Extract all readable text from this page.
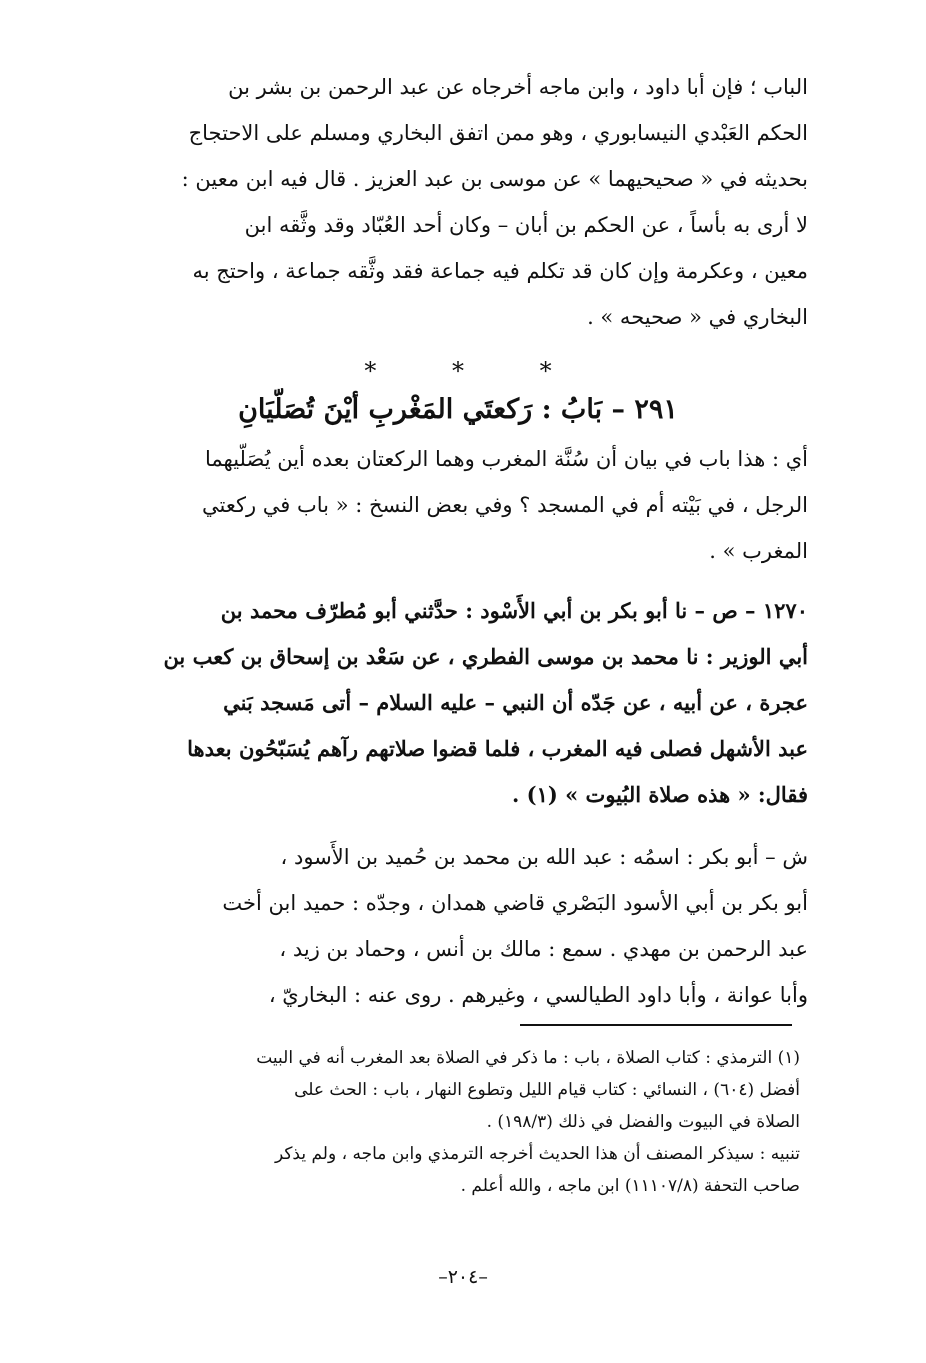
الباب ؛ فإن أبا داود ، وابن ماجه أخرجاه عن عبد الرحمن بن بشر بن
الحكم العَبْدي النيسابوري ، وهو ممن اتفق البخاري ومسلم على الاحتجاج
بحديثه في « صحيحيهما » عن موسى بن عبد العزيز . قال فيه ابن معين :
لا أرى به بأساً ، عن الحكم بن أبان – وكان أحد العُبّاد وقد وثَّقه ابن
معين ، وعكرمة وإن كان قد تكلم فيه جماعة فقد وثَّقه جماعة ، واحتج به
البخاري في « صحيحه » .

* * *
٢٩١ – بَابُ : رَكعتَي المَغْربِ أيْنَ تُصَلّيَانِ

أي : هذا باب في بيان أن سُنَّة المغرب وهما الركعتان بعده أين يُصَلّيهما
الرجل ، في بَيْته أم في المسجد ؟ وفي بعض النسخ : « باب في ركعتي
المغرب » .

١٢٧٠ – ص – نا أبو بكر بن أبي الأَسْود : حدَّثني أبو مُطرّف محمد بن
أبي الوزير : نا محمد بن موسى الفطري ، عن سَعْد بن إسحاق بن كعب بن
عجرة ، عن أبيه ، عن جَدّه أن النبي – عليه السلام – أتى مَسجد بَني
عبد الأشهل فصلى فيه المغرب ، فلما قضوا صلاتهم رآهم يُسَبّحُون بعدها
فقال: « هذه صلاة البُيوت » (١) .

ش – أبو بكر : اسمُه : عبد الله بن محمد بن حُميد بن الأَسود ،
أبو بكر بن أبي الأسود البَصْري قاضي همدان ، وجدّه : حميد ابن أخت
عبد الرحمن بن مهدي . سمع : مالك بن أنس ، وحماد بن زيد ،
وأبا عوانة ، وأبا داود الطيالسي ، وغيرهم . روى عنه : البخاريّ ،

(١) الترمذي : كتاب الصلاة ، باب : ما ذكر في الصلاة بعد المغرب أنه في البيت
أفضل (٦٠٤) ، النسائي : كتاب قيام الليل وتطوع النهار ، باب : الحث على
الصلاة في البيوت والفضل في ذلك (١٩٨/٣) .
تنبيه : سيذكر المصنف أن هذا الحديث أخرجه الترمذي وابن ماجه ، ولم يذكر
صاحب التحفة (١١١٠٧/٨) ابن ماجه ، والله أعلم .
–٢٠٤–
